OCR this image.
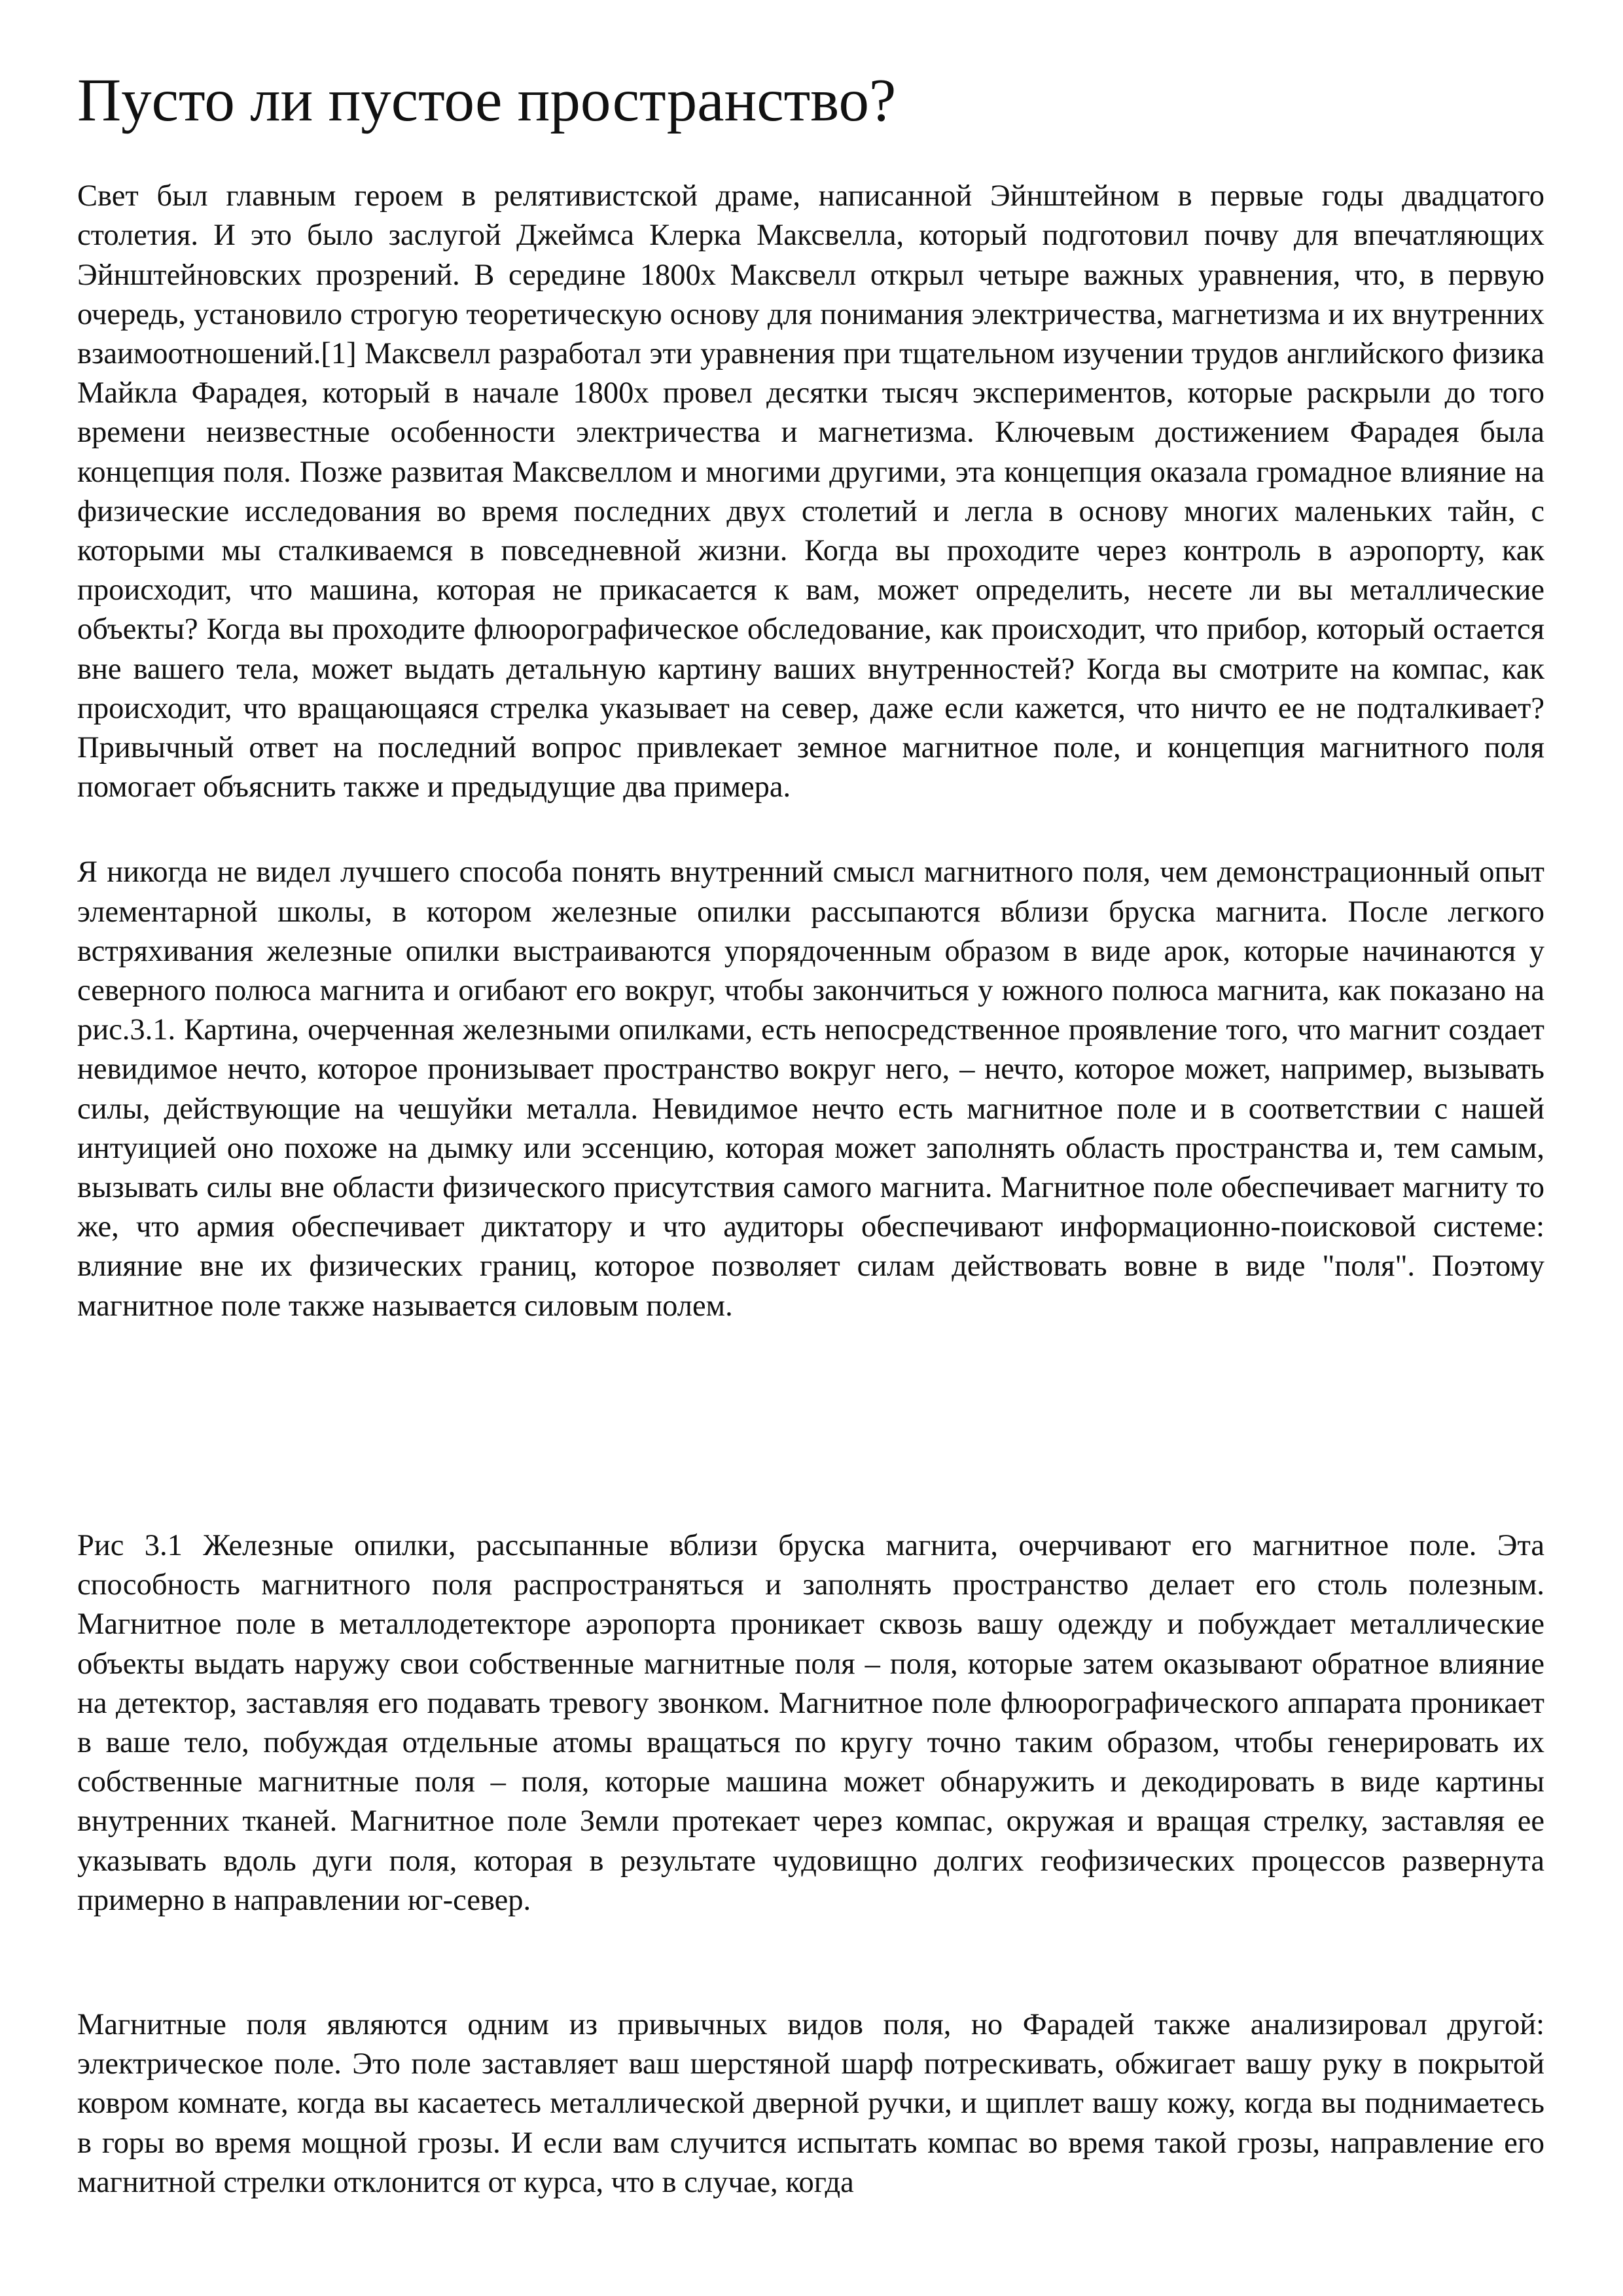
Пусто ли пустое пространство?

Свет был главным героем в релятивистской драме, написанной Эйнштейном в первые годы двадцатого столетия. И это было заслугой Джеймса Клерка Максвелла, который подготовил почву для впечатляющих Эйнштейновских прозрений. В середине 1800х Максвелл открыл четыре важных уравнения, что, в первую очередь, установило строгую теоретическую основу для понимания электричества, магнетизма и их внутренних взаимоотношений.[1] Максвелл разработал эти уравнения при тщательном изучении трудов английского физика Майкла Фарадея, который в начале 1800х провел десятки тысяч экспериментов, которые раскрыли до того времени неизвестные особенности электричества и магнетизма. Ключевым достижением Фарадея была концепция поля. Позже развитая Максвеллом и многими другими, эта концепция оказала громадное влияние на физические исследования во время последних двух столетий и легла в основу многих маленьких тайн, с которыми мы сталкиваемся в повседневной жизни. Когда вы проходите через контроль в аэропорту, как происходит, что машина, которая не прикасается к вам, может определить, несете ли вы металлические объекты? Когда вы проходите флюорографическое обследование, как происходит, что прибор, который остается вне вашего тела, может выдать детальную картину ваших внутренностей? Когда вы смотрите на компас, как происходит, что вращающаяся стрелка указывает на север, даже если кажется, что ничто ее не подталкивает? Привычный ответ на последний вопрос привлекает земное магнитное поле, и концепция магнитного поля помогает объяснить также и предыдущие два примера.

Я никогда не видел лучшего способа понять внутренний смысл магнитного поля, чем демонстрационный опыт элементарной школы, в котором железные опилки рассыпаются вблизи бруска магнита. После легкого встряхивания железные опилки выстраиваются упорядоченным образом в виде арок, которые начинаются у северного полюса магнита и огибают его вокруг, чтобы закончиться у южного полюса магнита, как показано на рис.3.1. Картина, очерченная железными опилками, есть непосредственное проявление того, что магнит создает невидимое нечто, которое пронизывает пространство вокруг него, – нечто, которое может, например, вызывать силы, действующие на чешуйки металла. Невидимое нечто есть магнитное поле и в соответствии с нашей интуицией оно похоже на дымку или эссенцию, которая может заполнять область пространства и, тем самым, вызывать силы вне области физического присутствия самого магнита. Магнитное поле обеспечивает магниту то же, что армия обеспечивает диктатору и что аудиторы обеспечивают информационно-поисковой системе: влияние вне их физических границ, которое позволяет силам действовать вовне в виде "поля". Поэтому магнитное поле также называется силовым полем.

Рис 3.1 Железные опилки, рассыпанные вблизи бруска магнита, очерчивают его магнитное поле. Эта способность магнитного поля распространяться и заполнять пространство делает его столь полезным. Магнитное поле в металлодетекторе аэропорта проникает сквозь вашу одежду и побуждает металлические объекты выдать наружу свои собственные магнитные поля – поля, которые затем оказывают обратное влияние на детектор, заставляя его подавать тревогу звонком. Магнитное поле флюорографического аппарата проникает в ваше тело, побуждая отдельные атомы вращаться по кругу точно таким образом, чтобы генерировать их собственные магнитные поля – поля, которые машина может обнаружить и декодировать в виде картины внутренних тканей. Магнитное поле Земли протекает через компас, окружая и вращая стрелку, заставляя ее указывать вдоль дуги поля, которая в результате чудовищно долгих геофизических процессов развернута примерно в направлении юг-север.

Магнитные поля являются одним из привычных видов поля, но Фарадей также анализировал другой: электрическое поле. Это поле заставляет ваш шерстяной шарф потрескивать, обжигает вашу руку в покрытой ковром комнате, когда вы касаетесь металлической дверной ручки, и щиплет вашу кожу, когда вы поднимаетесь в горы во время мощной грозы. И если вам случится испытать компас во время такой грозы, направление его магнитной стрелки отклонится от курса, что в случае, когда
